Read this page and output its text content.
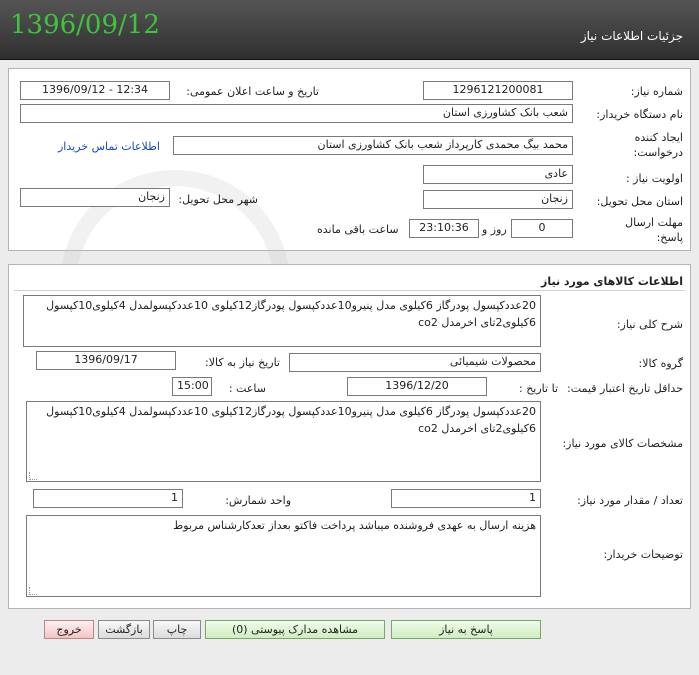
1396/09/12	جزئیات اطلاعات نیاز
شماره نیاز:
1296121200081
تاریخ و ساعت اعلان عمومی:
1396/09/12 - 12:34
نام دستگاه خریدار:
شعب بانک کشاورزی استان
ایجاد کننده درخواست:
محمد بیگ محمدی کارپرداز شعب بانک کشاورزی استان
اطلاعات تماس خریدار
اولویت نیاز :
عادی
استان محل تحویل:
زنجان
شهر محل تحویل:
زنجان
مهلت ارسال پاسخ:
0
روز و
23:10:36
ساعت باقی مانده
اطلاعات کالاهای مورد نیاز
شرح کلی نیاز:
20عددکپسول پودرگاز 6کیلوی مدل پنیرو10عددکپسول پودرگاز12کیلوی 10عددکپسولمدل 4کیلوی10کپسول 6کیلوی2تای اخرمدل co2
گروه کالا:
محصولات شیمیائی
تاریخ نیاز به کالا:
1396/09/17
حداقل تاریخ اعتبار قیمت:
تا تاریخ :
1396/12/20
ساعت :
15:00
مشخصات کالای مورد نیاز:
20عددکپسول پودرگاز 6کیلوی مدل پنیرو10عددکپسول پودرگاز12کیلوی 10عددکپسولمدل 4کیلوی10کپسول 6کیلوی2تای اخرمدل co2
تعداد / مقدار مورد نیاز:
1
واحد شمارش:
1
توضیحات خریدار:
هزینه ارسال به عهدی فروشنده میباشد پرداخت فاکتو بعداز تعدکارشناس مربوط
پاسخ به نیاز
مشاهده مدارک پیوستی (0)
چاپ
بازگشت
خروج
